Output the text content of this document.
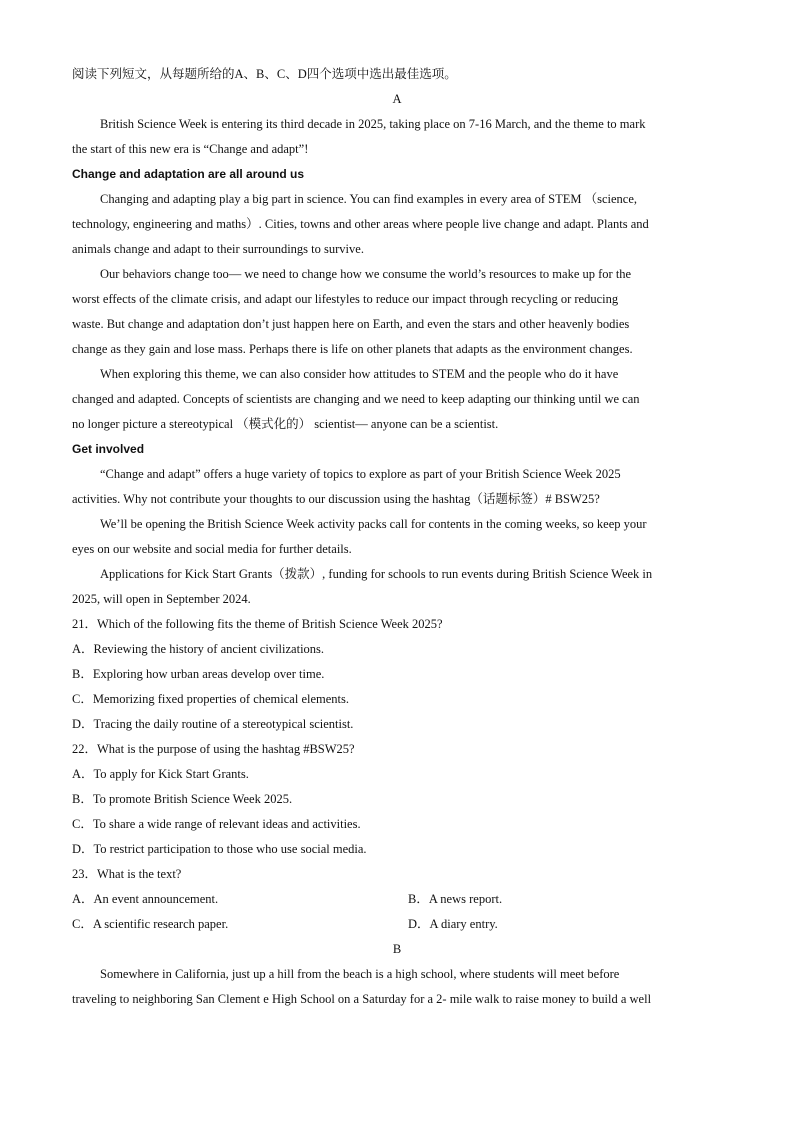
阅读下列短文，从每题所给的A、B、C、D四个选项中选出最佳选项。
A
British Science Week is entering its third decade in 2025, taking place on 7-16 March, and the theme to mark
the start of this new era is “Change and adapt”!
Change and adaptation are all around us
Changing and adapting play a big part in science. You can find examples in every area of STEM （science,
technology, engineering and maths）. Cities, towns and other areas where people live change and adapt. Plants and
animals change and adapt to their surroundings to survive.
Our behaviors change too— we need to change how we consume the world’s resources to make up for the
worst effects of the climate crisis, and adapt our lifestyles to reduce our impact through recycling or reducing
waste. But change and adaptation don’t just happen here on Earth, and even the stars and other heavenly bodies
change as they gain and lose mass. Perhaps there is life on other planets that adapts as the environment changes.
When exploring this theme, we can also consider how attitudes to STEM and the people who do it have
changed and adapted. Concepts of scientists are changing and we need to keep adapting our thinking until we can
no longer picture a stereotypical （模式化的） scientist— anyone can be a scientist.
Get involved
“Change and adapt” offers a huge variety of topics to explore as part of your British Science Week 2025
activities. Why not contribute your thoughts to our discussion using the hashtag（话题标签）# BSW25?
We’ll be opening the British Science Week activity packs call for contents in the coming weeks, so keep your
eyes on our website and social media for further details.
Applications for Kick Start Grants（拨款）, funding for schools to run events during British Science Week in
2025, will open in September 2024.
21．Which of the following fits the theme of British Science Week 2025?
A．Reviewing the history of ancient civilizations.
B．Exploring how urban areas develop over time.
C．Memorizing fixed properties of chemical elements.
D．Tracing the daily routine of a stereotypical scientist.
22．What is the purpose of using the hashtag #BSW25?
A．To apply for Kick Start Grants.
B．To promote British Science Week 2025.
C．To share a wide range of relevant ideas and activities.
D．To restrict participation to those who use social media.
23．What is the text?
A．An event announcement.	B．A news report.
C．A scientific research paper.	D．A diary entry.
B
Somewhere in California, just up a hill from the beach is a high school, where students will meet before
traveling to neighboring San Clement e High School on a Saturday for a 2- mile walk to raise money to build a well
